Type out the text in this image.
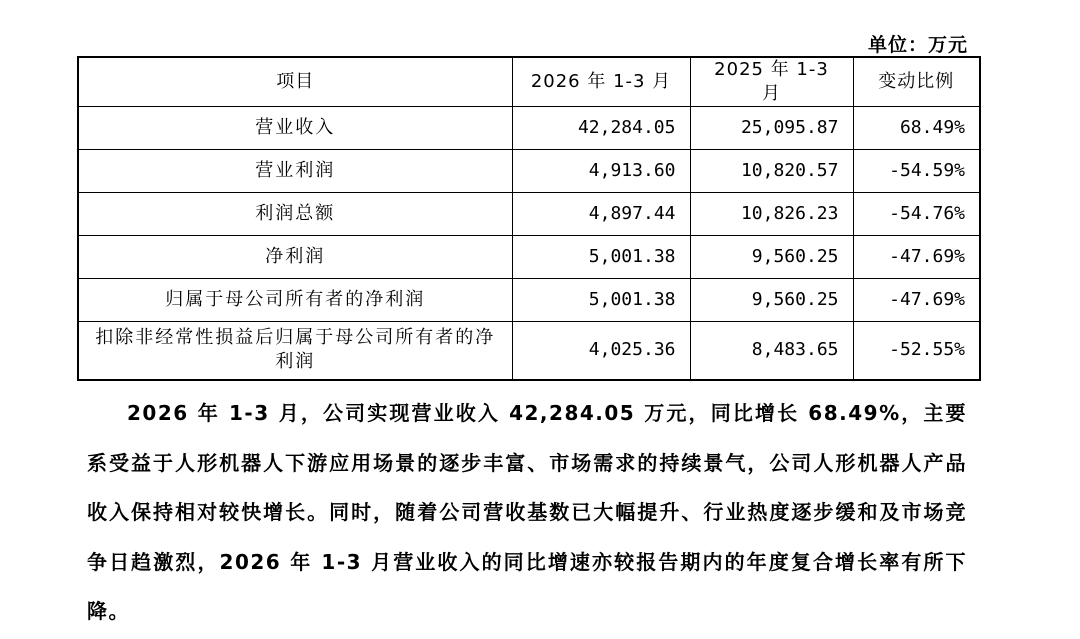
单位：万元
项目	2026 年 1-3 月	2025 年 1-3 月	变动比例
营业收入	42,284.05	25,095.87	68.49%
营业利润	4,913.60	10,820.57	-54.59%
利润总额	4,897.44	10,826.23	-54.76%
净利润	5,001.38	9,560.25	-47.69%
归属于母公司所有者的净利润	5,001.38	9,560.25	-47.69%
扣除非经常性损益后归属于母公司所有者的净利润	4,025.36	8,483.65	-52.55%

2026 年 1-3 月，公司实现营业收入 42,284.05 万元，同比增长 68.49%，主要系受益于人形机器人下游应用场景的逐步丰富、市场需求的持续景气，公司人形机器人产品收入保持相对较快增长。同时，随着公司营收基数已大幅提升、行业热度逐步缓和及市场竞争日趋激烈，2026 年 1-3 月营业收入的同比增速亦较报告期内的年度复合增长率有所下降。
